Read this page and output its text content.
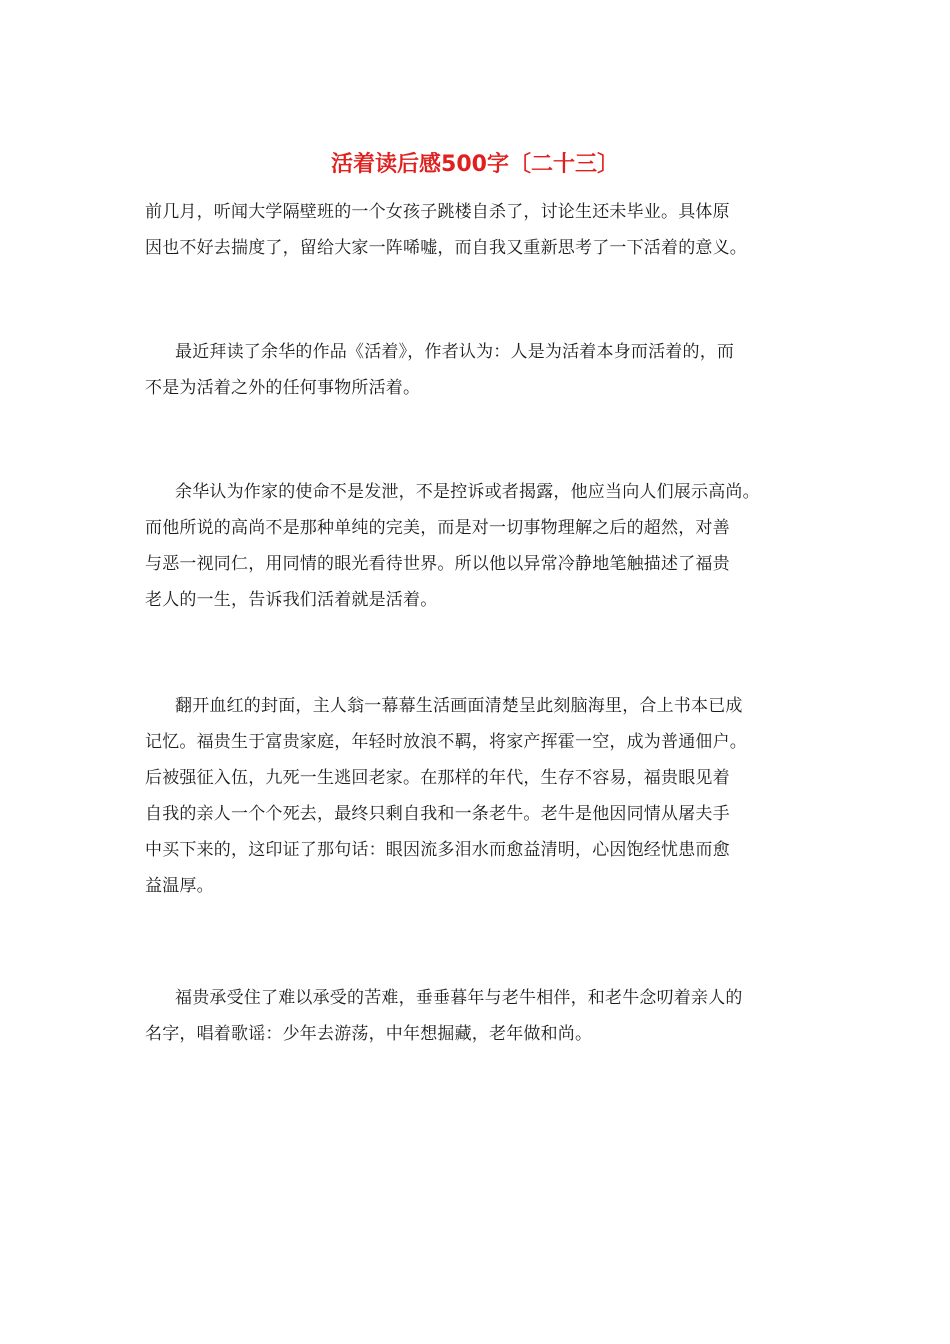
活着读后感500字〔二十三〕

前几月，听闻大学隔壁班的一个女孩子跳楼自杀了，讨论生还未毕业。具体原
因也不好去揣度了，留给大家一阵唏嘘，而自我又重新思考了一下活着的意义。

最近拜读了余华的作品《活着》，作者认为：人是为活着本身而活着的，而
不是为活着之外的任何事物所活着。

余华认为作家的使命不是发泄，不是控诉或者揭露，他应当向人们展示高尚。
而他所说的高尚不是那种单纯的完美，而是对一切事物理解之后的超然，对善
与恶一视同仁，用同情的眼光看待世界。所以他以异常冷静地笔触描述了福贵
老人的一生，告诉我们活着就是活着。

翻开血红的封面，主人翁一幕幕生活画面清楚呈此刻脑海里，合上书本已成
记忆。福贵生于富贵家庭，年轻时放浪不羁，将家产挥霍一空，成为普通佃户。
后被强征入伍，九死一生逃回老家。在那样的年代，生存不容易，福贵眼见着
自我的亲人一个个死去，最终只剩自我和一条老牛。老牛是他因同情从屠夫手
中买下来的，这印证了那句话：眼因流多泪水而愈益清明，心因饱经忧患而愈
益温厚。

福贵承受住了难以承受的苦难，垂垂暮年与老牛相伴，和老牛念叨着亲人的
名字，唱着歌谣：少年去游荡，中年想掘藏，老年做和尚。
